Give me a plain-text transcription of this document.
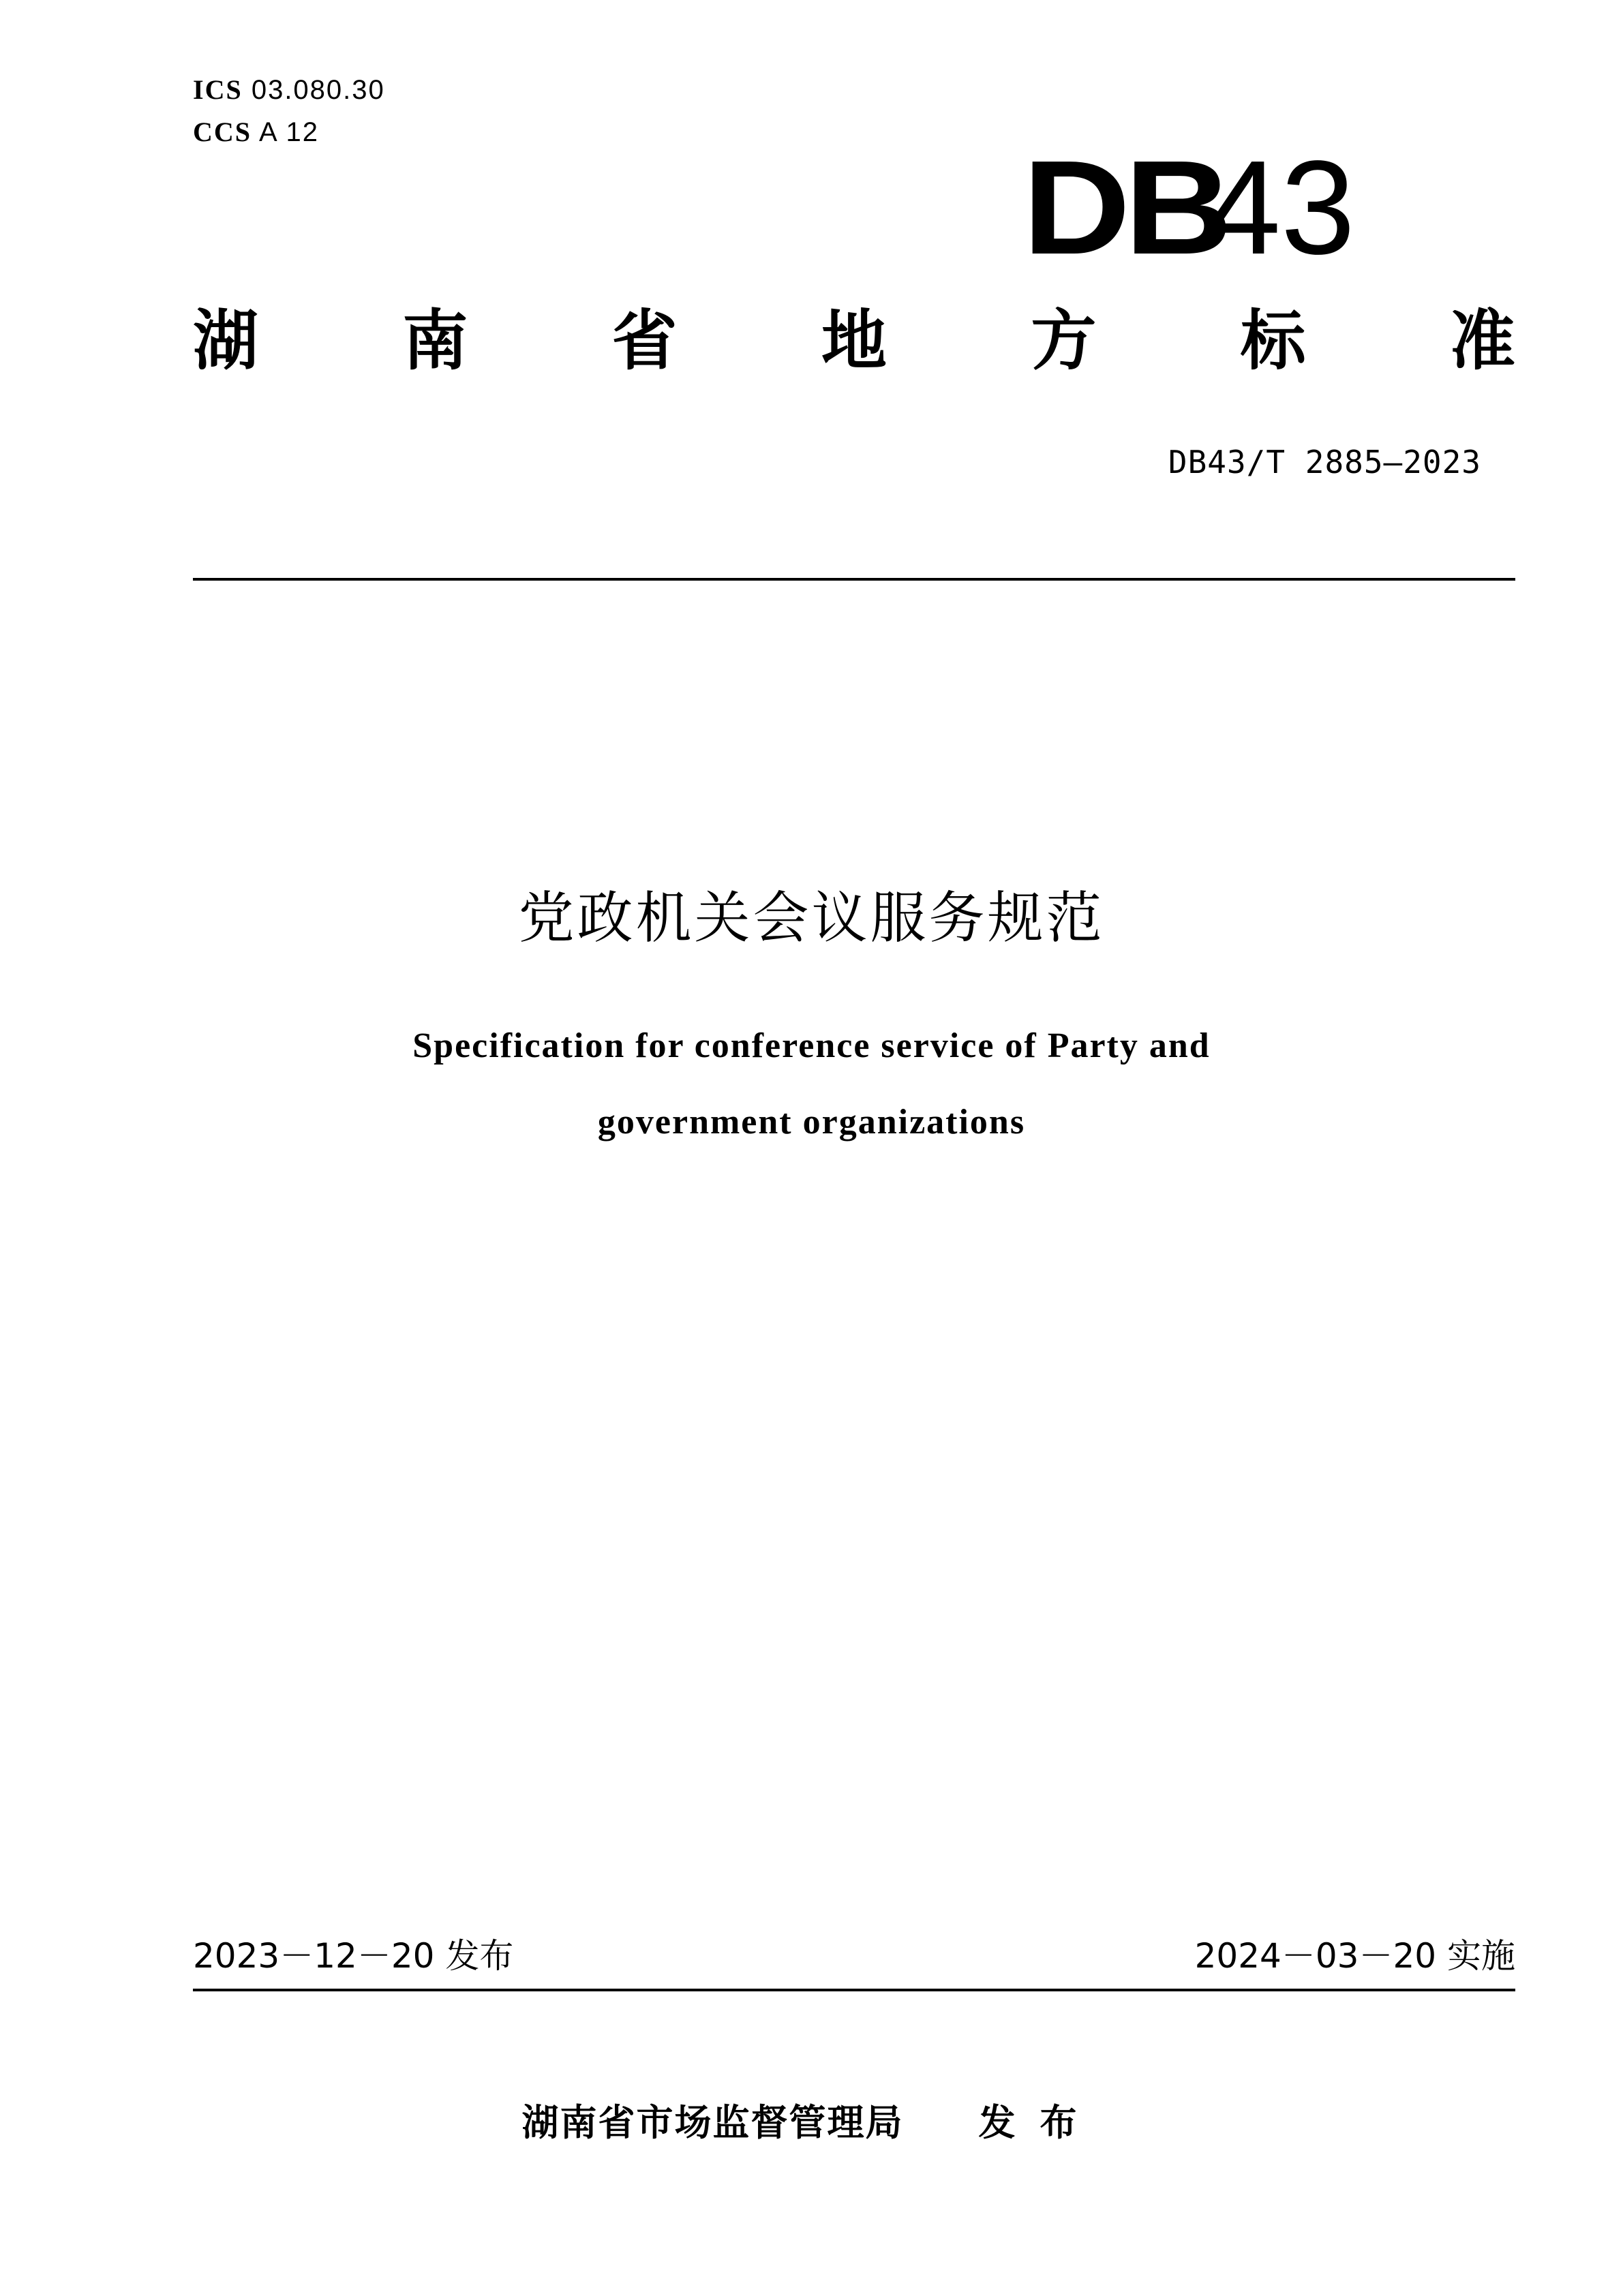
ICS 03.080.30
CCS A 12
DB
43
湖 南 省 地 方 标 准
DB43/T 2885—2023
党政机关会议服务规范
Specification for conference service of Party and
government organizations
2023－12－20 发布	2024－03－20 实施
湖南省市场监督管理局 发布
